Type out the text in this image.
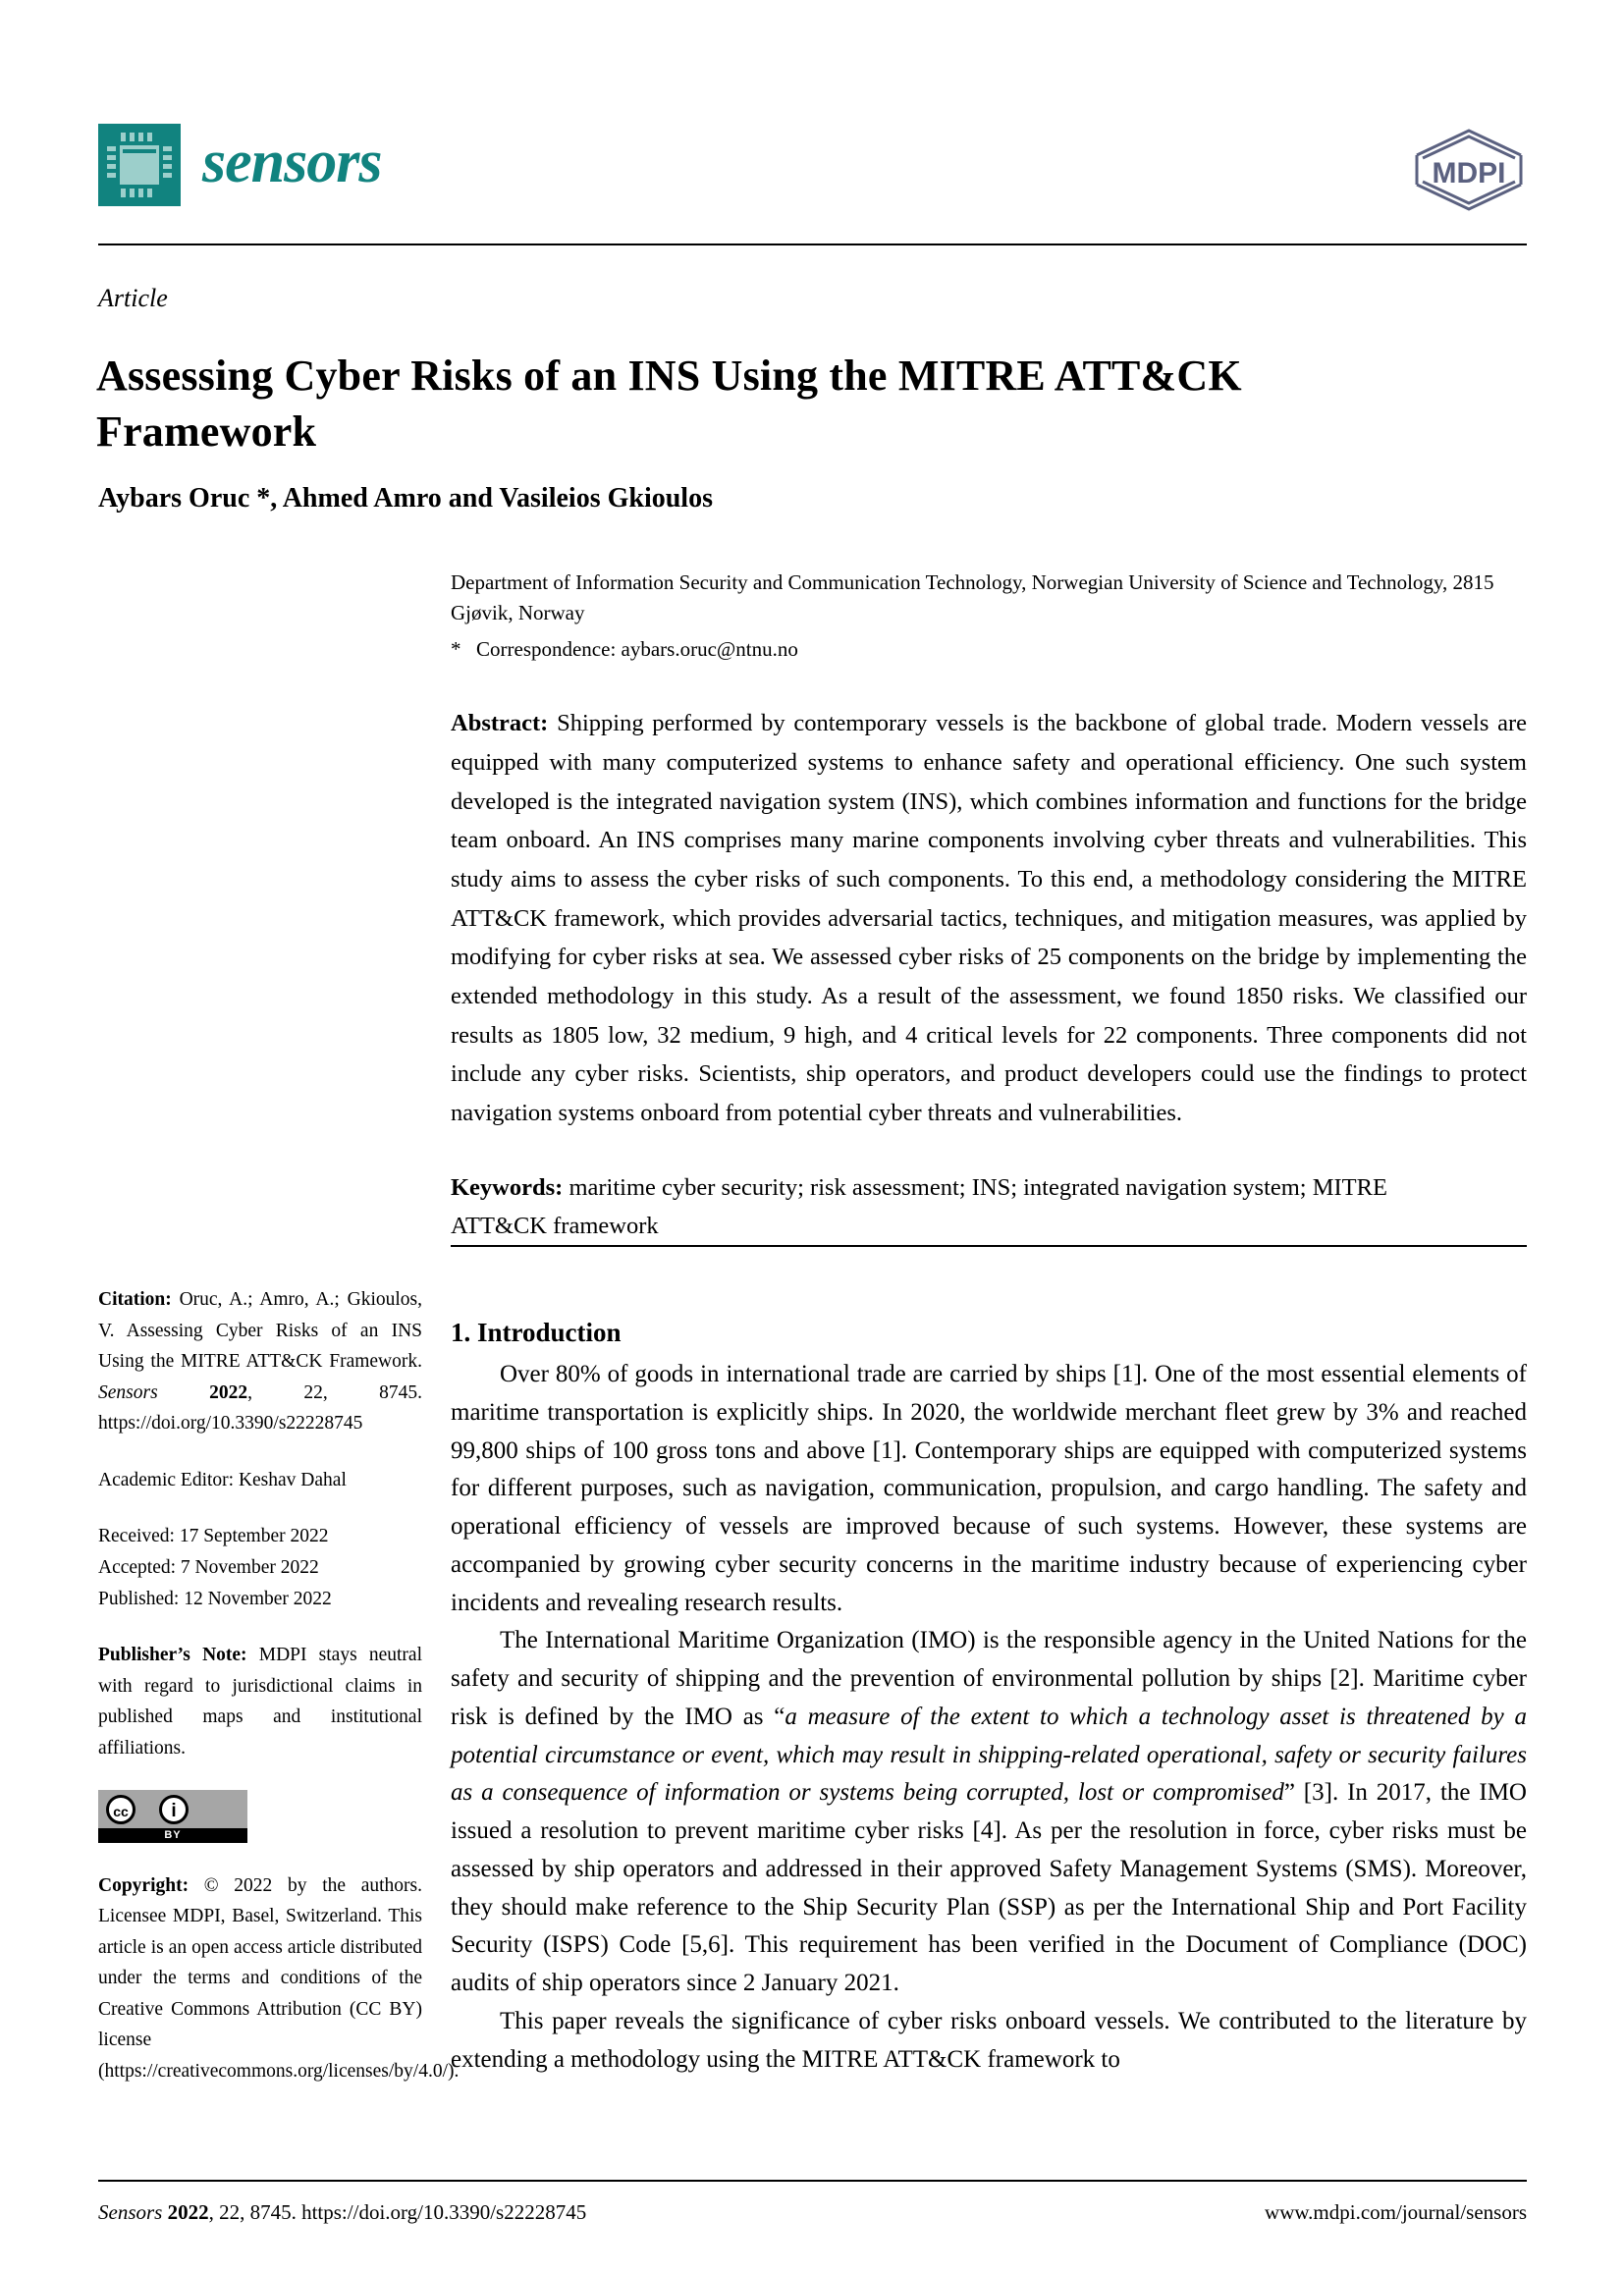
sensors	MDPI
Article
Assessing Cyber Risks of an INS Using the MITRE ATT&CK Framework
Aybars Oruc *, Ahmed Amro and Vasileios Gkioulos

Department of Information Security and Communication Technology, Norwegian University of Science and Technology, 2815 Gjøvik, Norway

* Correspondence: aybars.oruc@ntnu.no

Abstract: Shipping performed by contemporary vessels is the backbone of global trade. Modern vessels are equipped with many computerized systems to enhance safety and operational efficiency. One such system developed is the integrated navigation system (INS), which combines information and functions for the bridge team onboard. An INS comprises many marine components involving cyber threats and vulnerabilities. This study aims to assess the cyber risks of such components. To this end, a methodology considering the MITRE ATT&CK framework, which provides adversarial tactics, techniques, and mitigation measures, was applied by modifying for cyber risks at sea. We assessed cyber risks of 25 components on the bridge by implementing the extended methodology in this study. As a result of the assessment, we found 1850 risks. We classified our results as 1805 low, 32 medium, 9 high, and 4 critical levels for 22 components. Three components did not include any cyber risks. Scientists, ship operators, and product developers could use the findings to protect navigation systems onboard from potential cyber threats and vulnerabilities.
Keywords: maritime cyber security; risk assessment; INS; integrated navigation system; MITRE ATT&CK framework

Citation: Oruc, A.; Amro, A.; Gkioulos, V. Assessing Cyber Risks of an INS Using the MITRE ATT&CK Framework. Sensors	2022, 22, 8745. https://doi.org/10.3390/s22228745

Academic Editor: Keshav Dahal

Received: 17 September 2022
Accepted: 7 November 2022
Published: 12 November 2022

Publisher’s Note: MDPI stays neutral with regard to jurisdictional claims in published maps and institutional affiliations.

cc	i
BY

Copyright: © 2022 by the authors. Licensee MDPI, Basel, Switzerland. This article is an open access article distributed under the terms and conditions of the Creative Commons Attribution (CC BY) license (https://creativecommons.org/licenses/by/4.0/).

1. Introduction

Over 80% of goods in international trade are carried by ships [1]. One of the most essential elements of maritime transportation is explicitly ships. In 2020, the worldwide merchant fleet grew by 3% and reached 99,800 ships of 100 gross tons and above [1]. Contemporary ships are equipped with computerized systems for different purposes, such as navigation, communication, propulsion, and cargo handling. The safety and operational efficiency of vessels are improved because of such systems. However, these systems are accompanied by growing cyber security concerns in the maritime industry because of experiencing cyber incidents and revealing research results.

The International Maritime Organization (IMO) is the responsible agency in the United Nations for the safety and security of shipping and the prevention of environmental pollution by ships [2]. Maritime cyber risk is defined by the IMO as “a measure of the extent to which a technology asset is threatened by a potential circumstance or event, which may result in shipping-related operational, safety or security failures as a consequence of information or systems being corrupted, lost or compromised” [3]. In 2017, the IMO issued a resolution to prevent maritime cyber risks [4]. As per the resolution in force, cyber risks must be assessed by ship operators and addressed in their approved Safety Management Systems (SMS). Moreover, they should make reference to the Ship Security Plan (SSP) as per the International Ship and Port Facility Security (ISPS) Code [5,6]. This requirement has been verified in the Document of Compliance (DOC) audits of ship operators since 2 January 2021.

This paper reveals the significance of cyber risks onboard vessels. We contributed to the literature by extending a methodology using the MITRE ATT&CK framework to

Sensors 2022, 22, 8745. https://doi.org/10.3390/s22228745	www.mdpi.com/journal/sensors
